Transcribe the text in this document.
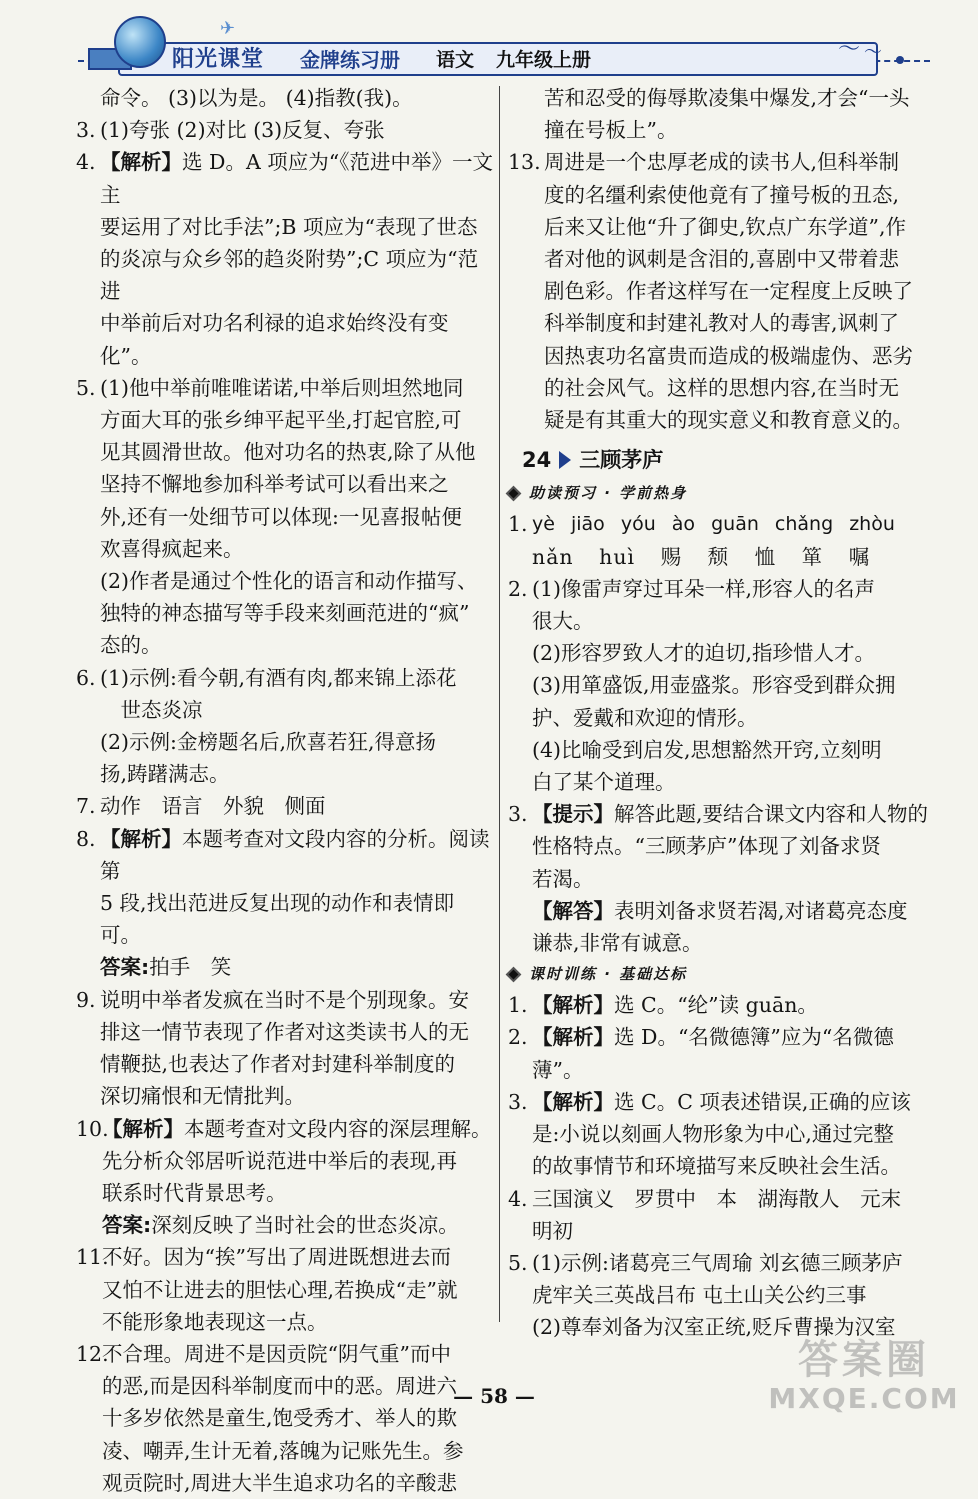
✈
阳光课堂 金牌练习册 语文 九年级上册	〜 〜
命令。 (3)以为是。 (4)指教(我)。
3. (1)夸张 (2)对比 (3)反复、夸张
4. 【解析】选 D。A 项应为“《范进中举》一文主
要运用了对比手法”;B 项应为“表现了世态
的炎凉与众乡邻的趋炎附势”;C 项应为“范进
中举前后对功名利禄的追求始终没有变化”。
5. (1)他中举前唯唯诺诺,中举后则坦然地同
方面大耳的张乡绅平起平坐,打起官腔,可
见其圆滑世故。他对功名的热衷,除了从他
坚持不懈地参加科举考试可以看出来之
外,还有一处细节可以体现:一见喜报帖便
欢喜得疯起来。
(2)作者是通过个性化的语言和动作描写、
独特的神态描写等手段来刻画范进的“疯”
态的。
6. (1)示例:看今朝,有酒有肉,都来锦上添花
　世态炎凉
(2)示例:金榜题名后,欣喜若狂,得意扬
扬,踌躇满志。
7. 动作 语言 外貌 侧面
8. 【解析】本题考查对文段内容的分析。阅读第
5 段,找出范进反复出现的动作和表情即可。
答案:拍手 笑
9. 说明中举者发疯在当时不是个别现象。安
排这一情节表现了作者对这类读书人的无
情鞭挞,也表达了作者对封建科举制度的
深切痛恨和无情批判。
10.
【解析】本题考查对文段内容的深层理解。
先分析众邻居听说范进中举后的表现,再
联系时代背景思考。
答案:深刻反映了当时社会的世态炎凉。
11.
不好。因为“挨”写出了周进既想进去而
又怕不让进去的胆怯心理,若换成“走”就
不能形象地表现这一点。
12.
不合理。周进不是因贡院“阴气重”而中
的恶,而是因科举制度而中的恶。周进六
十多岁依然是童生,饱受秀才、举人的欺
凌、嘲弄,生计无着,落魄为记账先生。参
观贡院时,周进大半生追求功名的辛酸悲
苦和忍受的侮辱欺凌集中爆发,才会“一头
撞在号板上”。
13. 周进是一个忠厚老成的读书人,但科举制
度的名缰利索使他竟有了撞号板的丑态,
后来又让他“升了御史,钦点广东学道”,作
者对他的讽刺是含泪的,喜剧中又带着悲
剧色彩。作者这样写在一定程度上反映了
科举制度和封建礼教对人的毒害,讽刺了
因热衷功名富贵而造成的极端虚伪、恶劣
的社会风气。这样的思想内容,在当时无
疑是有其重大的现实意义和教育意义的。
24 三顾茅庐
助读预习 · 学前热身
1. yè jiāo yóu ào guān chǎng zhòu
nǎn huì 赐 颓 恤 箪 嘱
2. (1)像雷声穿过耳朵一样,形容人的名声
很大。
(2)形容罗致人才的迫切,指珍惜人才。
(3)用箪盛饭,用壶盛浆。形容受到群众拥
护、爱戴和欢迎的情形。
(4)比喻受到启发,思想豁然开窍,立刻明
白了某个道理。
3. 【提示】解答此题,要结合课文内容和人物的
性格特点。“三顾茅庐”体现了刘备求贤
若渴。
【解答】表明刘备求贤若渴,对诸葛亮态度
谦恭,非常有诚意。
课时训练 · 基础达标
1. 【解析】选 C。“纶”读 guān。
2. 【解析】选 D。“名微德簿”应为“名微德薄”。
3. 【解析】选 C。C 项表述错误,正确的应该
是:小说以刻画人物形象为中心,通过完整
的故事情节和环境描写来反映社会生活。
4. 三国演义 罗贯中 本 湖海散人 元末
明初
5. (1)示例:诸葛亮三气周瑜 刘玄德三顾茅庐
虎牢关三英战吕布 屯土山关公约三事
(2)尊奉刘备为汉室正统,贬斥曹操为汉室
— 58 —
答案圈
MXQE.COM
